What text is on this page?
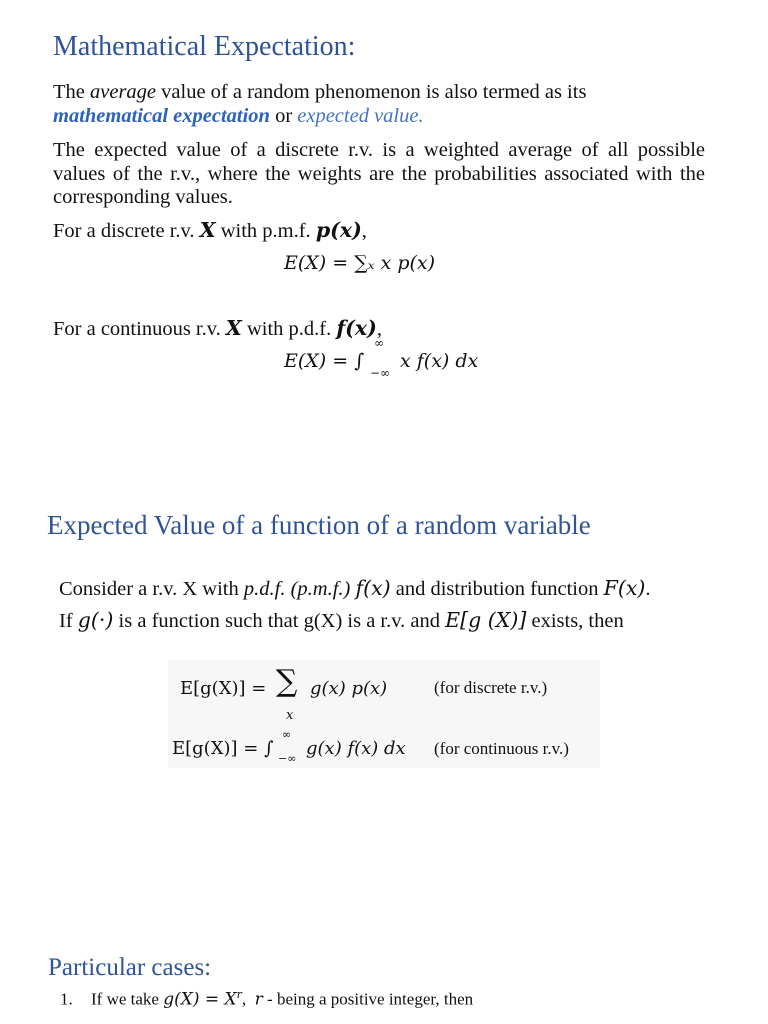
Mathematical Expectation:

The average value of a random phenomenon is also termed as its
mathematical expectation or expected value.

The expected value of a discrete r.v. is a weighted average of all possible values of the r.v., where the weights are the probabilities associated with the corresponding values.

For a discrete r.v. X with p.m.f. p(x),

E(X) = ∑ₓ x p(x)

For a continuous r.v. X with p.d.f. f(x),

E(X) = ∫
∞
−∞
x f(x) dx
Expected Value of a function of a random variable

Consider a r.v. X with p.d.f. (p.m.f.) f(x) and distribution function F(x).

If g(·) is a function such that g(X) is a r.v. and E[g (X)] exists, then

E[g(X)] = ∑
x
g(x) p(x)	(for discrete r.v.)
E[g(X)] = ∫
∞
−∞ g(x) f(x) dx (for continuous r.v.)
Particular cases:
1. If we take $g(X) = X^r$,  r - being a positive integer, then
